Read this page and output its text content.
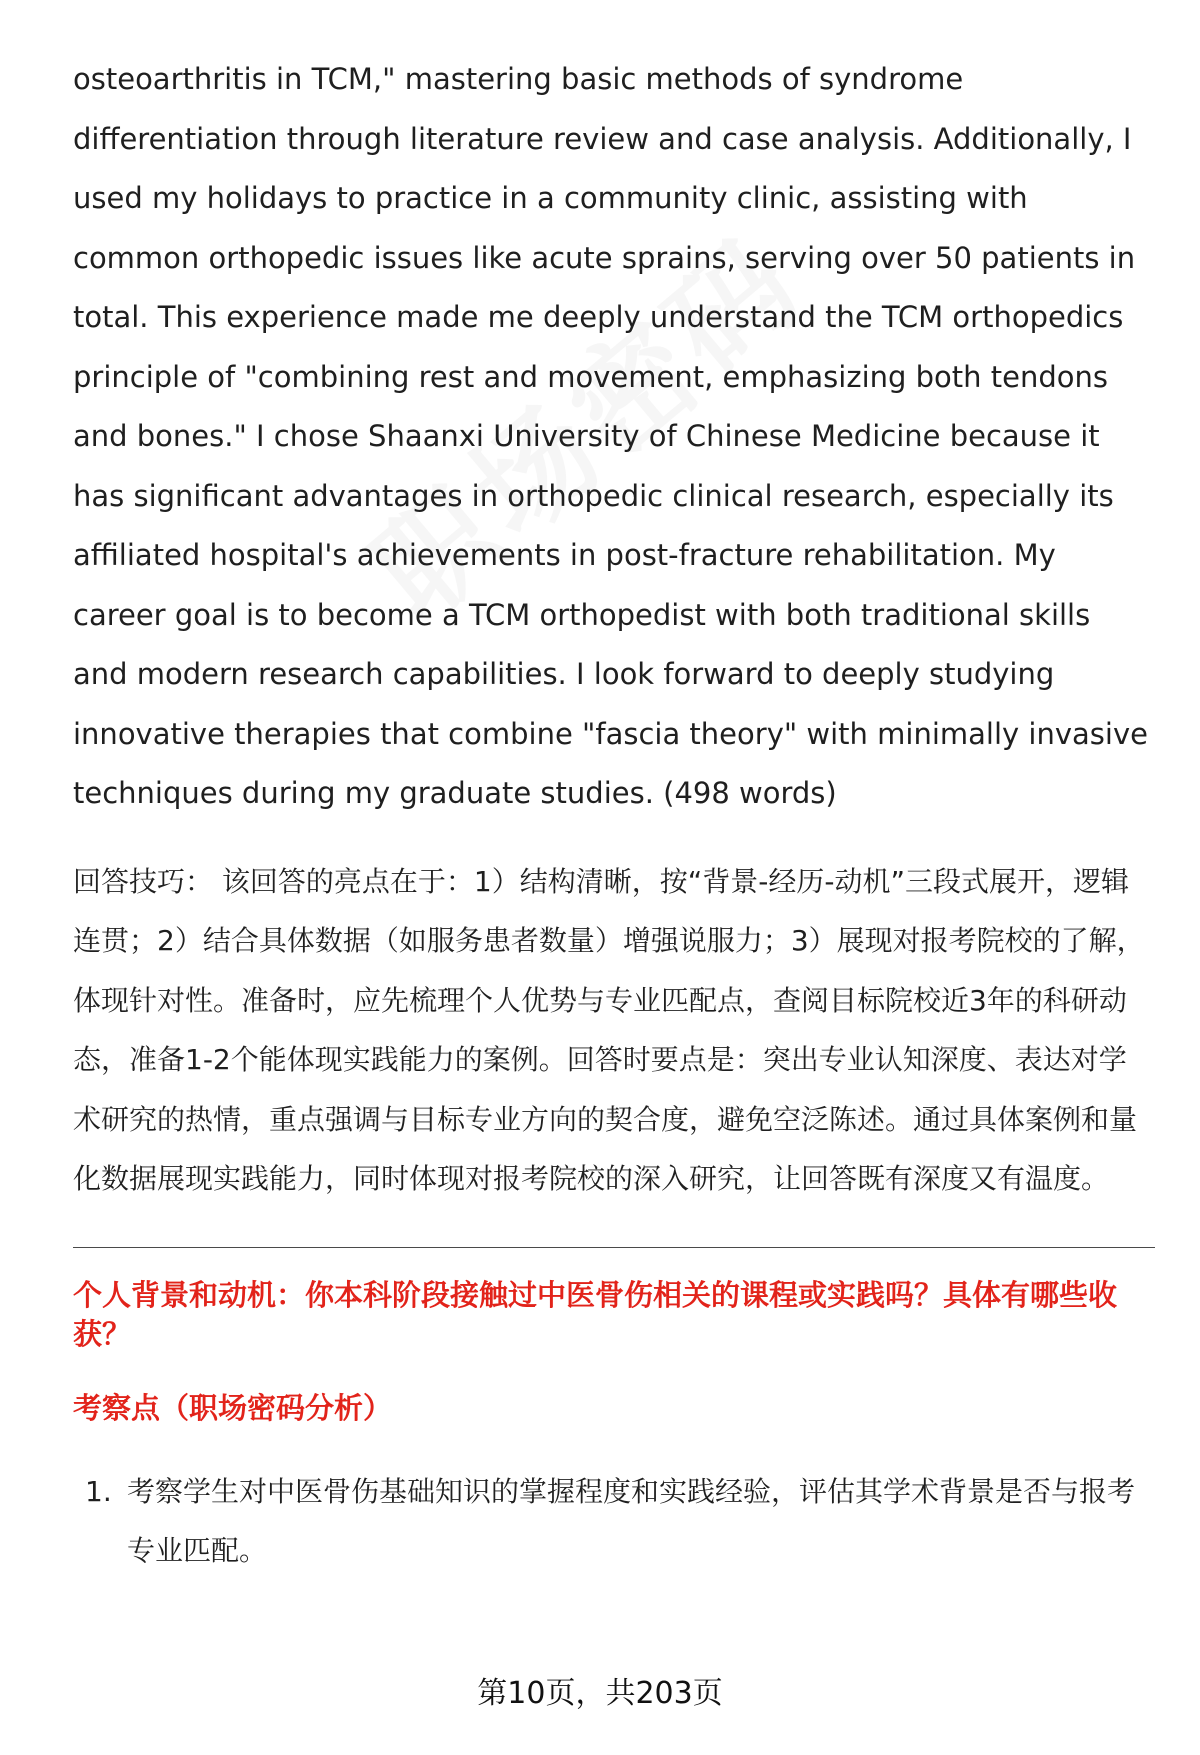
osteoarthritis in TCM," mastering basic methods of syndrome differentiation through literature review and case analysis. Additionally, I used my holidays to practice in a community clinic, assisting with common orthopedic issues like acute sprains, serving over 50 patients in total. This experience made me deeply understand the TCM orthopedics principle of "combining rest and movement, emphasizing both tendons and bones." I chose Shaanxi University of Chinese Medicine because it has significant advantages in orthopedic clinical research, especially its affiliated hospital's achievements in post-fracture rehabilitation. My career goal is to become a TCM orthopedist with both traditional skills and modern research capabilities. I look forward to deeply studying innovative therapies that combine "fascia theory" with minimally invasive techniques during my graduate studies. (498 words)

回答技巧： 该回答的亮点在于：1）结构清晰，按“背景-经历-动机”三段式展开，逻辑连贯；2）结合具体数据（如服务患者数量）增强说服力；3）展现对报考院校的了解，体现针对性。准备时，应先梳理个人优势与专业匹配点，查阅目标院校近3年的科研动态，准备1-2个能体现实践能力的案例。回答时要点是：突出专业认知深度、表达对学术研究的热情，重点强调与目标专业方向的契合度，避免空泛陈述。通过具体案例和量化数据展现实践能力，同时体现对报考院校的深入研究，让回答既有深度又有温度。
个人背景和动机：你本科阶段接触过中医骨伤相关的课程或实践吗？具体有哪些收获？
考察点（职场密码分析）
1. 考察学生对中医骨伤基础知识的掌握程度和实践经验，评估其学术背景是否与报考专业匹配。
第10页，共203页
